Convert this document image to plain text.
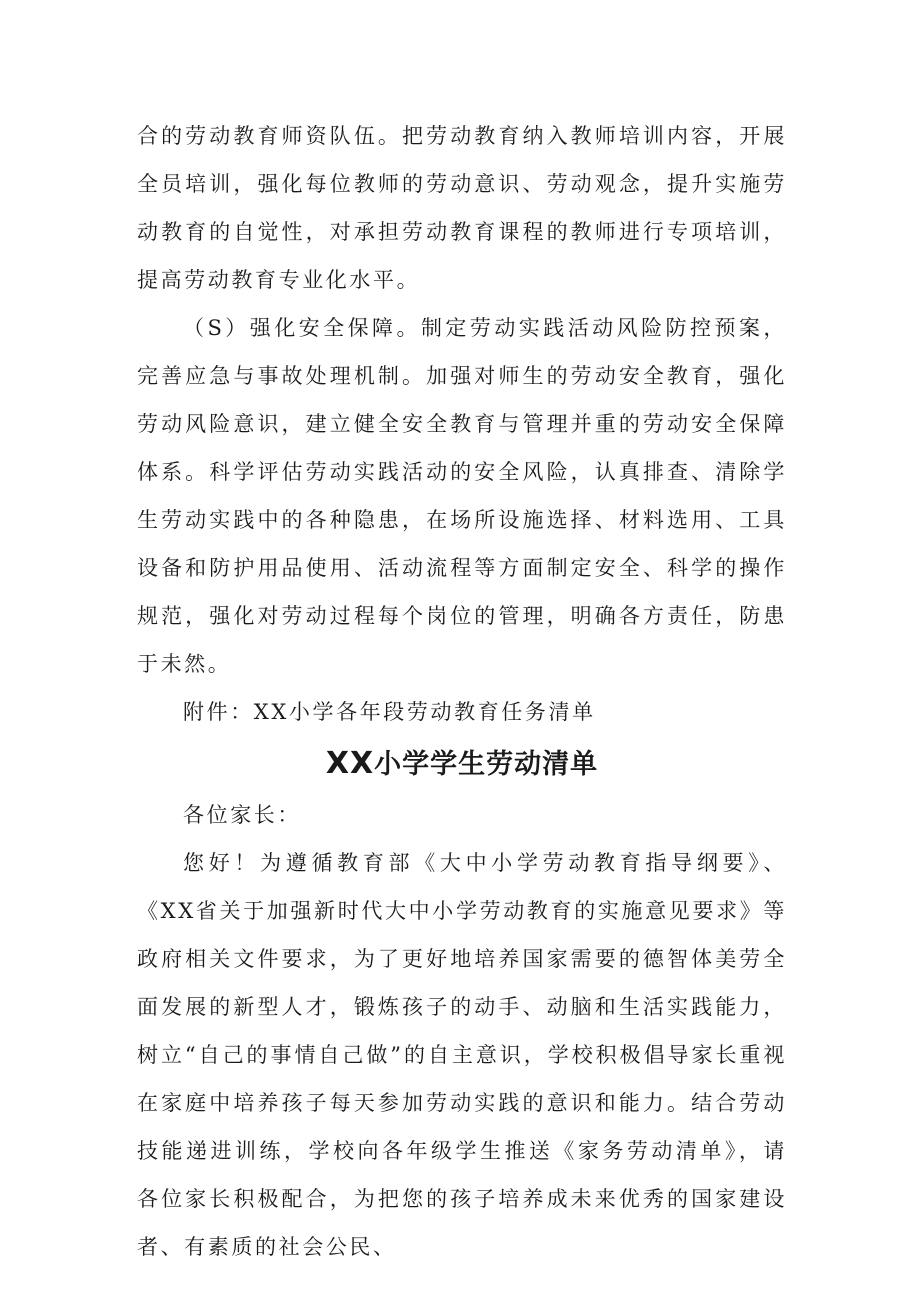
合的劳动教育师资队伍。把劳动教育纳入教师培训内容，开展全员培训，强化每位教师的劳动意识、劳动观念，提升实施劳动教育的自觉性，对承担劳动教育课程的教师进行专项培训，提高劳动教育专业化水平。

（S）强化安全保障。制定劳动实践活动风险防控预案，完善应急与事故处理机制。加强对师生的劳动安全教育，强化劳动风险意识，建立健全安全教育与管理并重的劳动安全保障体系。科学评估劳动实践活动的安全风险，认真排查、清除学生劳动实践中的各种隐患，在场所设施选择、材料选用、工具设备和防护用品使用、活动流程等方面制定安全、科学的操作规范，强化对劳动过程每个岗位的管理，明确各方责任，防患于未然。

附件：XX小学各年段劳动教育任务清单

XX小学学生劳动清单

各位家长：

您好！为遵循教育部《大中小学劳动教育指导纲要》、《XX省关于加强新时代大中小学劳动教育的实施意见要求》等政府相关文件要求，为了更好地培养国家需要的德智体美劳全面发展的新型人才，锻炼孩子的动手、动脑和生活实践能力，树立“自己的事情自己做”的自主意识，学校积极倡导家长重视在家庭中培养孩子每天参加劳动实践的意识和能力。结合劳动技能递进训练，学校向各年级学生推送《家务劳动清单》，请各位家长积极配合，为把您的孩子培养成未来优秀的国家建设者、有素质的社会公民、
